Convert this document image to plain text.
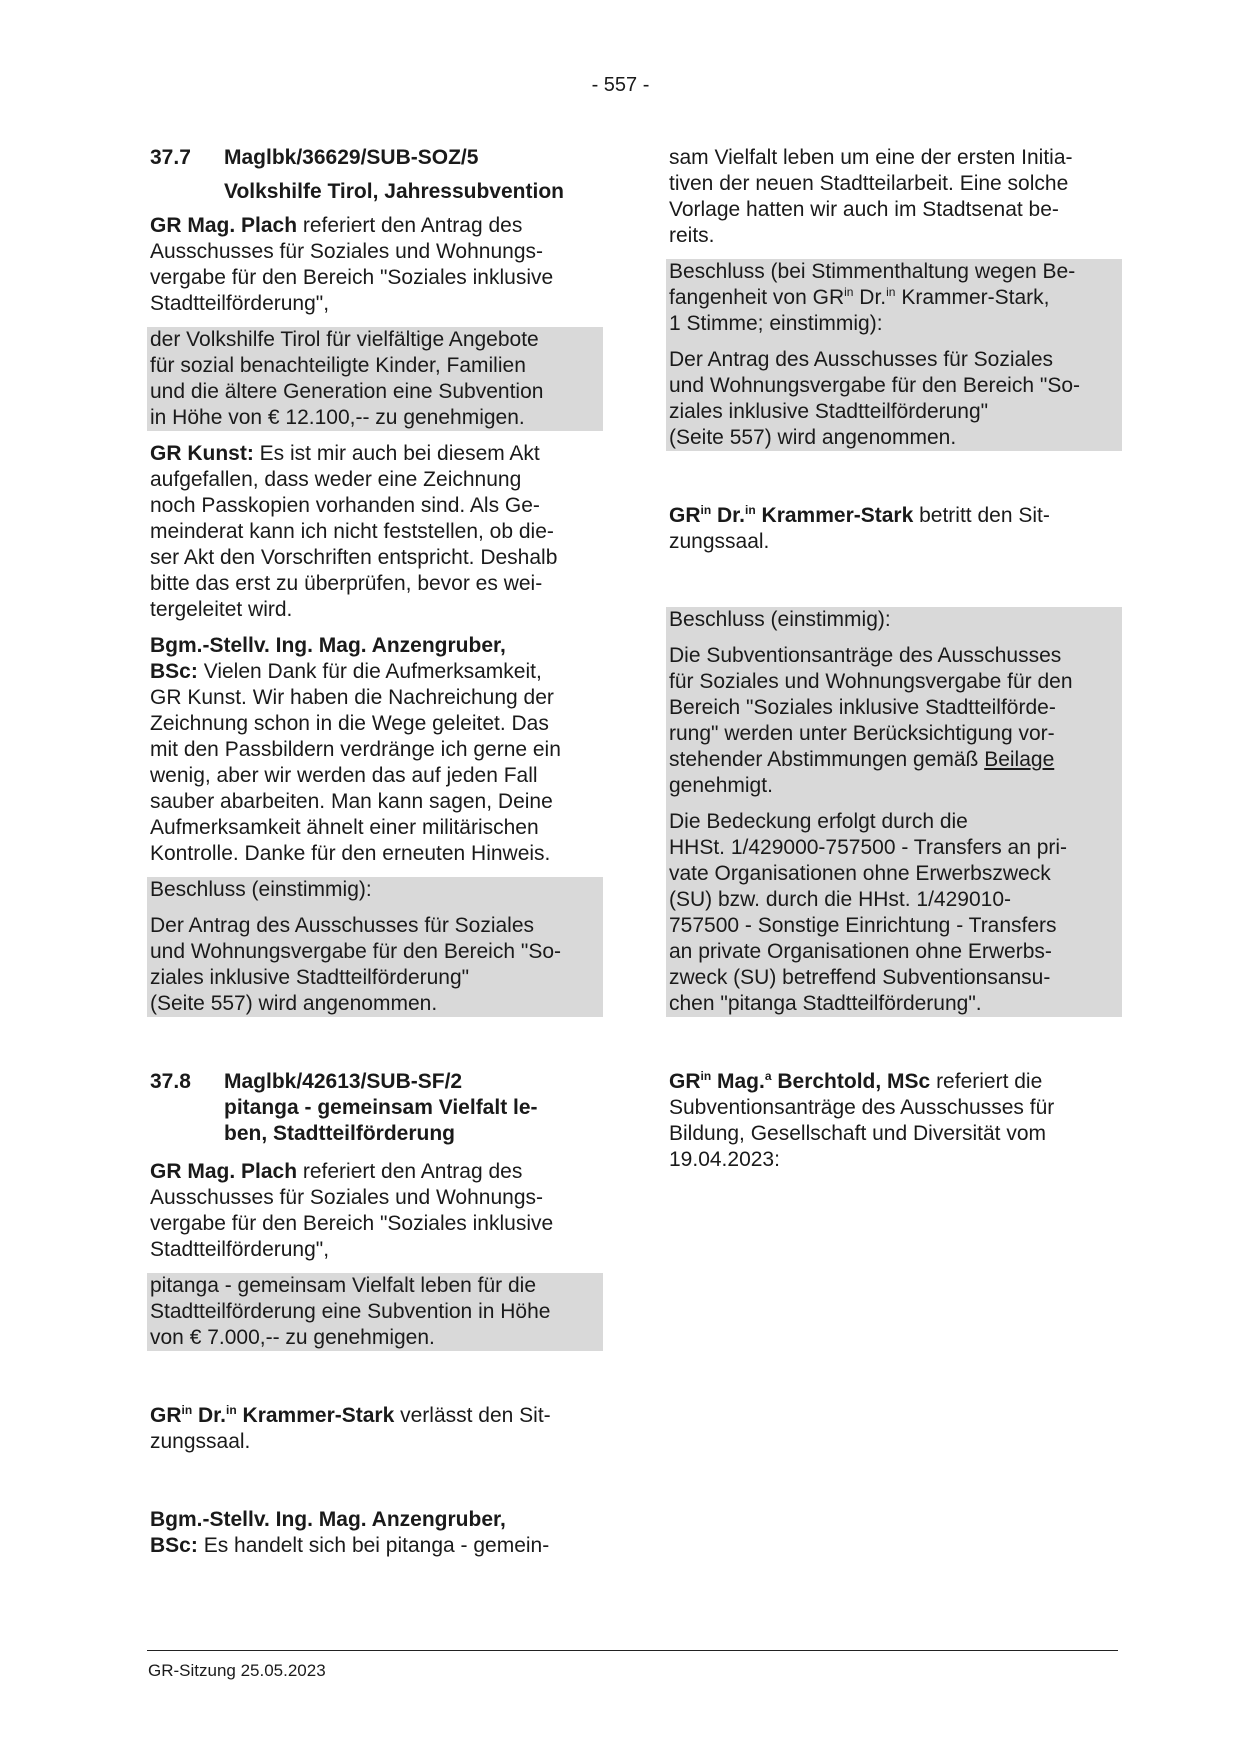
- 557 -
37.7 Maglbk/36629/SUB-SOZ/5
Volkshilfe Tirol, Jahressubvention
GR Mag. Plach referiert den Antrag des
Ausschusses für Soziales und Wohnungs-
vergabe für den Bereich "Soziales inklusive
Stadtteilförderung",
der Volkshilfe Tirol für vielfältige Angebote
für sozial benachteiligte Kinder, Familien
und die ältere Generation eine Subvention
in Höhe von € 12.100,-- zu genehmigen.
GR Kunst: Es ist mir auch bei diesem Akt
aufgefallen, dass weder eine Zeichnung
noch Passkopien vorhanden sind. Als Ge-
meinderat kann ich nicht feststellen, ob die-
ser Akt den Vorschriften entspricht. Deshalb
bitte das erst zu überprüfen, bevor es wei-
tergeleitet wird.
Bgm.-Stellv. Ing. Mag. Anzengruber,
BSc: Vielen Dank für die Aufmerksamkeit,
GR Kunst. Wir haben die Nachreichung der
Zeichnung schon in die Wege geleitet. Das
mit den Passbildern verdränge ich gerne ein
wenig, aber wir werden das auf jeden Fall
sauber abarbeiten. Man kann sagen, Deine
Aufmerksamkeit ähnelt einer militärischen
Kontrolle. Danke für den erneuten Hinweis.
Beschluss (einstimmig):
Der Antrag des Ausschusses für Soziales
und Wohnungsvergabe für den Bereich "So-
ziales inklusive Stadtteilförderung"
(Seite 557) wird angenommen.
37.8	Maglbk/42613/SUB-SF/2
pitanga - gemeinsam Vielfalt le-
ben, Stadtteilförderung
GR Mag. Plach referiert den Antrag des
Ausschusses für Soziales und Wohnungs-
vergabe für den Bereich "Soziales inklusive
Stadtteilförderung",
pitanga - gemeinsam Vielfalt leben für die
Stadtteilförderung eine Subvention in Höhe
von € 7.000,-- zu genehmigen.
$GR^{in}$ Dr.$^{in}$ Krammer-Stark verlässt den Sit-
zungssaal.
Bgm.-Stellv. Ing. Mag. Anzengruber,
BSc: Es handelt sich bei pitanga - gemein-
sam Vielfalt leben um eine der ersten Initia-
tiven der neuen Stadtteilarbeit. Eine solche
Vorlage hatten wir auch im Stadtsenat be-
reits.
Beschluss (bei Stimmenthaltung wegen Be-
fangenheit von $GR^{in}$ Dr.$^{in}$ Krammer-Stark,
1 Stimme; einstimmig):
Der Antrag des Ausschusses für Soziales
und Wohnungsvergabe für den Bereich "So-
ziales inklusive Stadtteilförderung"
(Seite 557) wird angenommen.
$GR^{in}$ Dr.$^{in}$ Krammer-Stark betritt den Sit-
zungssaal.
Beschluss (einstimmig):
Die Subventionsanträge des Ausschusses
für Soziales und Wohnungsvergabe für den
Bereich "Soziales inklusive Stadtteilförde-
rung" werden unter Berücksichtigung vor-
stehender Abstimmungen gemäß Beilage
genehmigt.
Die Bedeckung erfolgt durch die
HHSt. 1/429000-757500 - Transfers an pri-
vate Organisationen ohne Erwerbszweck
(SU) bzw. durch die HHst. 1/429010-
757500 - Sonstige Einrichtung - Transfers
an private Organisationen ohne Erwerbs-
zweck (SU) betreffend Subventionsansu-
chen "pitanga Stadtteilförderung".
$GR^{in}$ Mag.$^a$ Berchtold, MSc referiert die
Subventionsanträge des Ausschusses für
Bildung, Gesellschaft und Diversität vom
19.04.2023:
GR-Sitzung 25.05.2023
